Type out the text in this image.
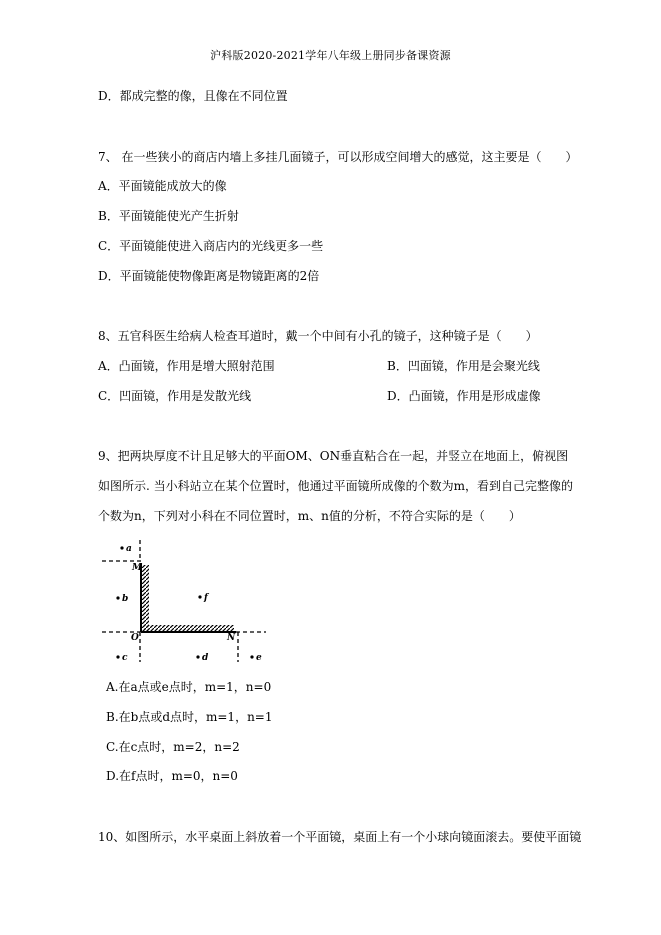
沪科版2020-2021学年八年级上册同步备课资源
D．都成完整的像，且像在不同位置
7、 在一些狭小的商店内墙上多挂几面镜子，可以形成空间增大的感觉，这主要是（　　）
A．平面镜能成放大的像
B．平面镜能使光产生折射
C．平面镜能使进入商店内的光线更多一些
D．平面镜能使物像距离是物镜距离的2倍
8、五官科医生给病人检查耳道时，戴一个中间有小孔的镜子，这种镜子是（　　）
A．凸面镜，作用是增大照射范围	B．凹面镜，作用是会聚光线
C．凹面镜，作用是发散光线	D．凸面镜，作用是形成虚像
9、把两块厚度不计且足够大的平面OM、ON垂直粘合在一起，并竖立在地面上，俯视图
如图所示. 当小科站立在某个位置时，他通过平面镜所成像的个数为m，看到自己完整像的
个数为n，下列对小科在不同位置时，m、n值的分析，不符合实际的是（　　）
a
b	f
c	d	e
M
O	N
A.在a点或e点时，m=1，n=0
B.在b点或d点时，m=1，n=1
C.在c点时，m=2，n=2
D.在f点时，m=0，n=0
10、如图所示，水平桌面上斜放着一个平面镜，桌面上有一个小球向镜面滚去。要使平面镜
